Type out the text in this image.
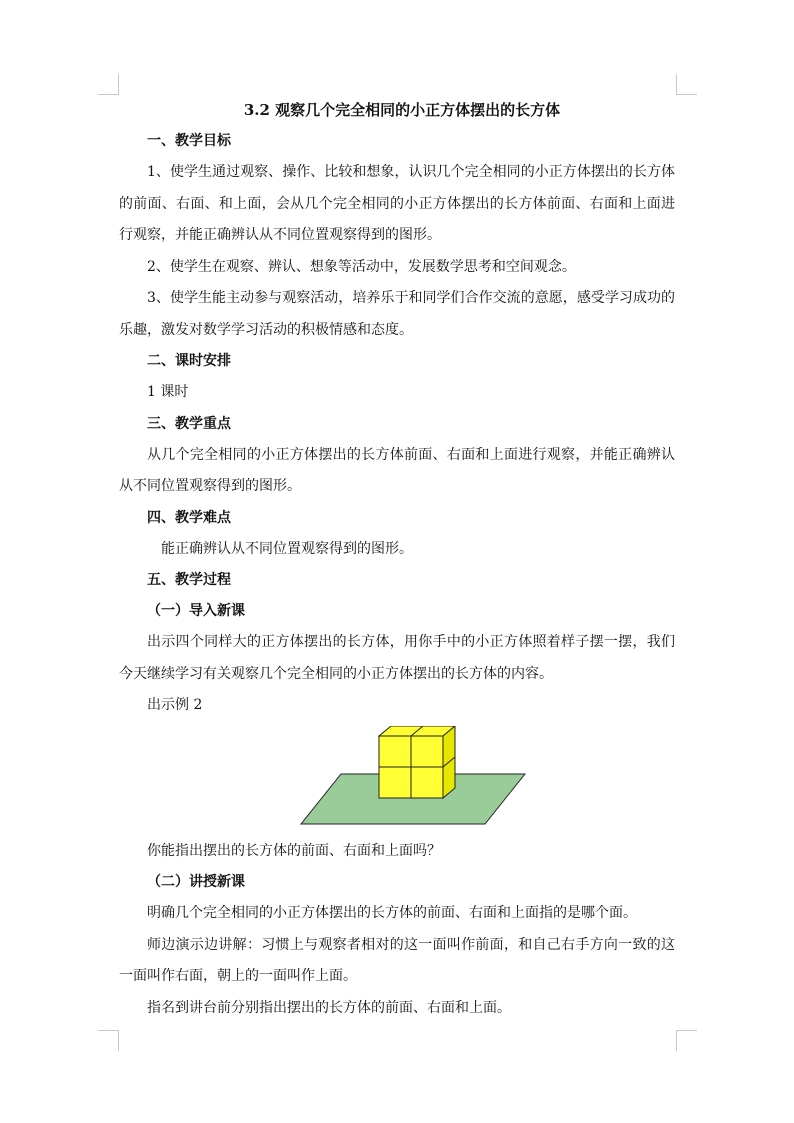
3.2 观察几个完全相同的小正方体摆出的长方体
一、教学目标

1、使学生通过观察、操作、比较和想象，认识几个完全相同的小正方体摆出的长方体的前面、右面、和上面，会从几个完全相同的小正方体摆出的长方体前面、右面和上面进行观察，并能正确辨认从不同位置观察得到的图形。

2、使学生在观察、辨认、想象等活动中，发展数学思考和空间观念。

3、使学生能主动参与观察活动，培养乐于和同学们合作交流的意愿，感受学习成功的乐趣，激发对数学学习活动的积极情感和态度。

二、课时安排

1 课时

三、教学重点

从几个完全相同的小正方体摆出的长方体前面、右面和上面进行观察，并能正确辨认从不同位置观察得到的图形。

四、教学难点

能正确辨认从不同位置观察得到的图形。

五、教学过程
（一）导入新课

出示四个同样大的正方体摆出的长方体，用你手中的小正方体照着样子摆一摆，我们今天继续学习有关观察几个完全相同的小正方体摆出的长方体的内容。

出示例 2

你能指出摆出的长方体的前面、右面和上面吗？

（二）讲授新课

明确几个完全相同的小正方体摆出的长方体的前面、右面和上面指的是哪个面。

师边演示边讲解：习惯上与观察者相对的这一面叫作前面，和自己右手方向一致的这一面叫作右面，朝上的一面叫作上面。

指名到讲台前分别指出摆出的长方体的前面、右面和上面。
